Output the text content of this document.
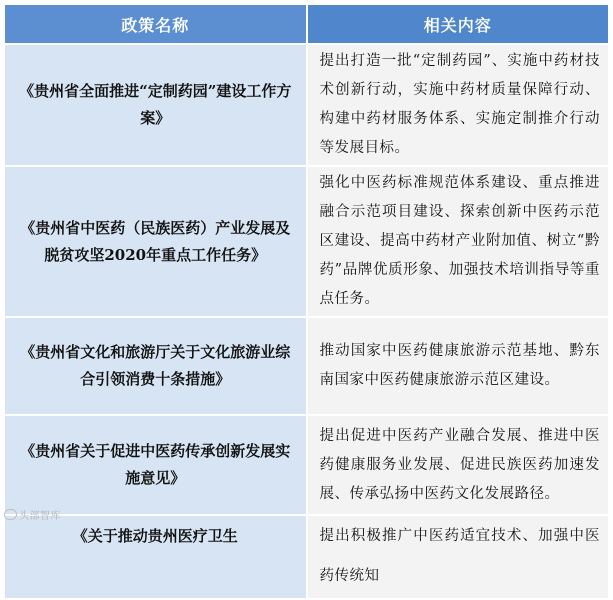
政策名称	相关内容
《贵州省全面推进“定制药园”建设工作方案》	提出打造一批“定制药园”、实施中药材技术创新行动，实施中药材质量保障行动、构建中药材服务体系、实施定制推介行动等发展目标。
《贵州省中医药（民族医药）产业发展及脱贫攻坚2020年重点工作任务》	强化中医药标准规范体系建设、重点推进融合示范项目建设、探索创新中医药示范区建设、提高中药材产业附加值、树立“黔药”品牌优质形象、加强技术培训指导等重点任务。
《贵州省文化和旅游厅关于文化旅游业综合引领消费十条措施》	推动国家中医药健康旅游示范基地、黔东南国家中医药健康旅游示范区建设。
《贵州省关于促进中医药传承创新发展实施意见》	提出促进中医药产业融合发展、推进中医药健康服务业发展、促进民族医药加速发展、传承弘扬中医药文化发展路径。
《关于推动贵州医疗卫生	提出积极推广中医药适宜技术、加强中医药传统知
头部智库
